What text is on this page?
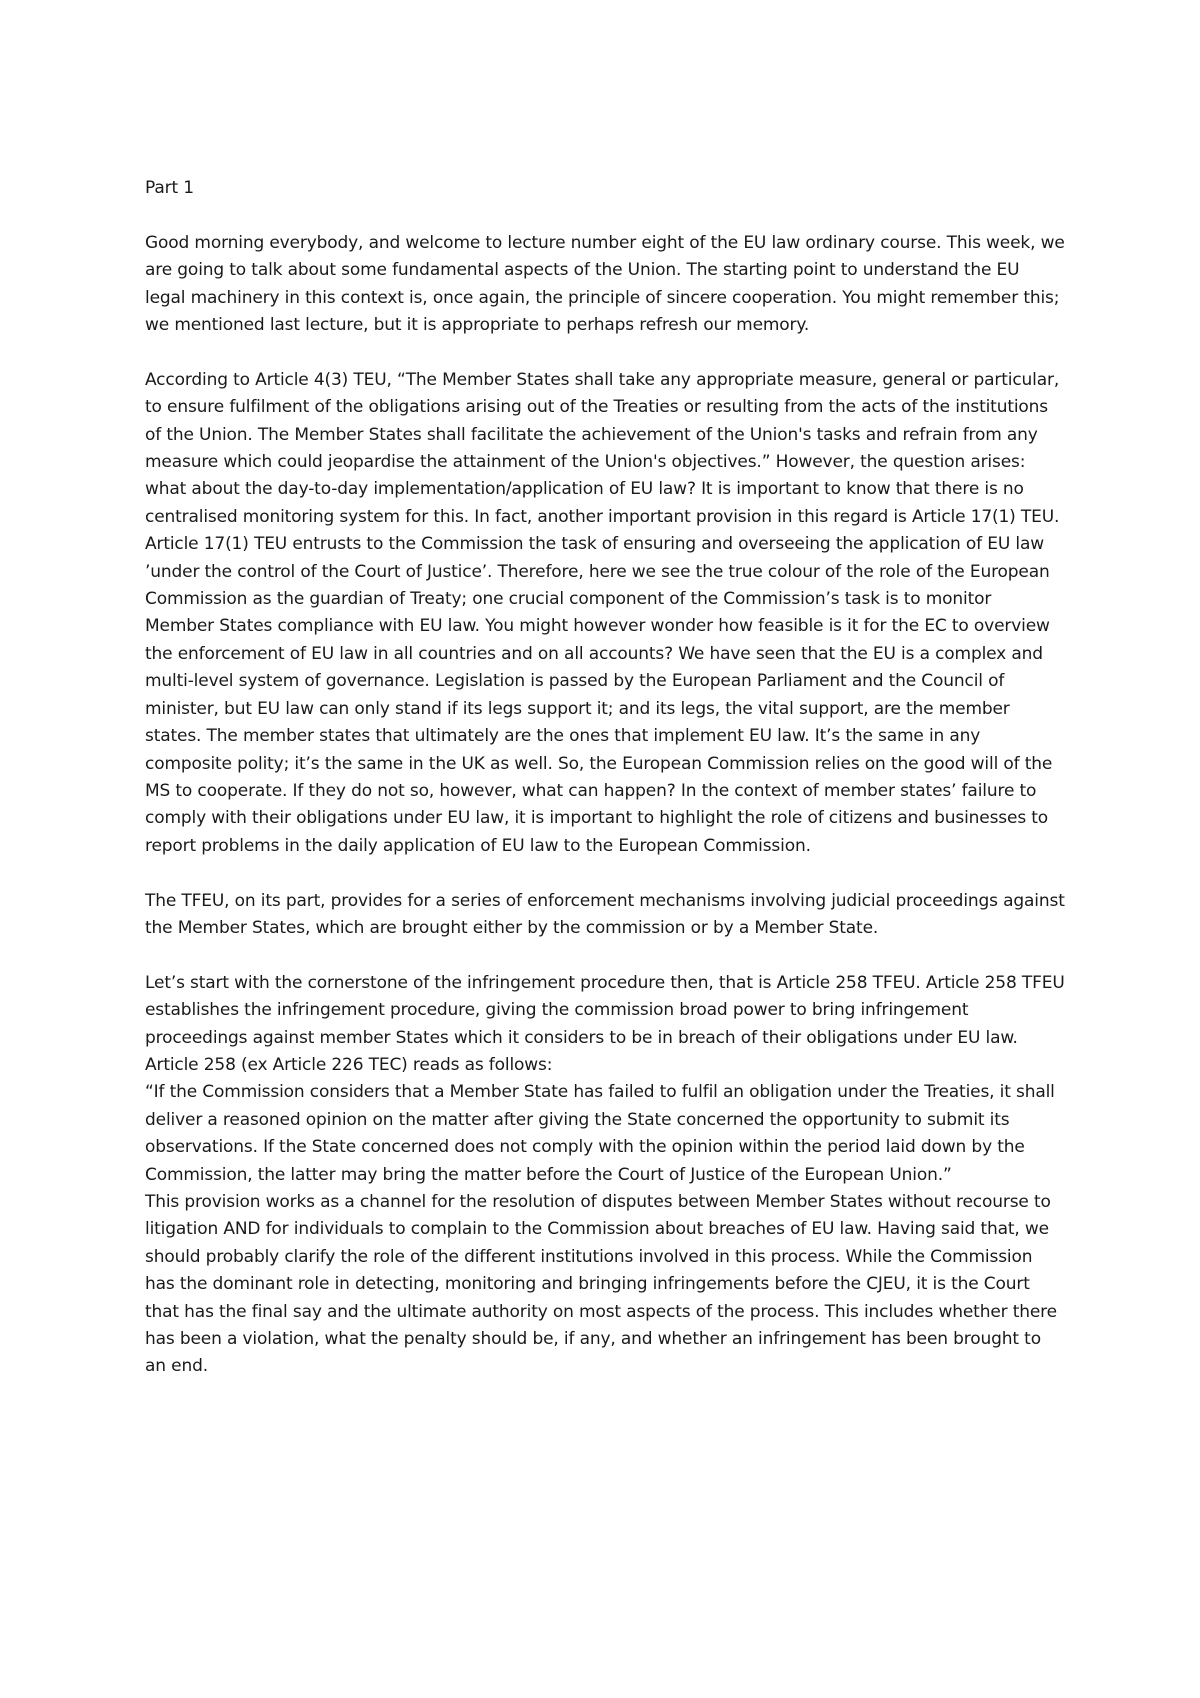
Part 1

Good morning everybody, and welcome to lecture number eight of the EU law ordinary course. This week, we are going to talk about some fundamental aspects of the Union. The starting point to understand the EU legal machinery in this context is, once again, the principle of sincere cooperation. You might remember this; we mentioned last lecture, but it is appropriate to perhaps refresh our memory.

According to Article 4(3) TEU, “The Member States shall take any appropriate measure, general or particular, to ensure fulfilment of the obligations arising out of the Treaties or resulting from the acts of the institutions of the Union. The Member States shall facilitate the achievement of the Union's tasks and refrain from any measure which could jeopardise the attainment of the Union's objectives.” However, the question arises: what about the day-to-day implementation/application of EU law? It is important to know that there is no centralised monitoring system for this. In fact, another important provision in this regard is Article 17(1) TEU. Article 17(1) TEU entrusts to the Commission the task of ensuring and overseeing the application of EU law ’under the control of the Court of Justice’. Therefore, here we see the true colour of the role of the European Commission as the guardian of Treaty; one crucial component of the Commission’s task is to monitor Member States compliance with EU law. You might however wonder how feasible is it for the EC to overview the enforcement of EU law in all countries and on all accounts? We have seen that the EU is a complex and multi-level system of governance. Legislation is passed by the European Parliament and the Council of minister, but EU law can only stand if its legs support it; and its legs, the vital support, are the member states. The member states that ultimately are the ones that implement EU law. It’s the same in any composite polity; it’s the same in the UK as well. So, the European Commission relies on the good will of the MS to cooperate. If they do not so, however, what can happen? In the context of member states’ failure to comply with their obligations under EU law, it is important to highlight the role of citizens and businesses to report problems in the daily application of EU law to the European Commission.

The TFEU, on its part, provides for a series of enforcement mechanisms involving judicial proceedings against the Member States, which are brought either by the commission or by a Member State.

Let’s start with the cornerstone of the infringement procedure then, that is Article 258 TFEU. Article 258 TFEU establishes the infringement procedure, giving the commission broad power to bring infringement proceedings against member States which it considers to be in breach of their obligations under EU law. Article 258 (ex Article 226 TEC) reads as follows:

“If the Commission considers that a Member State has failed to fulfil an obligation under the Treaties, it shall deliver a reasoned opinion on the matter after giving the State concerned the opportunity to submit its observations. If the State concerned does not comply with the opinion within the period laid down by the Commission, the latter may bring the matter before the Court of Justice of the European Union.”

This provision works as a channel for the resolution of disputes between Member States without recourse to litigation AND for individuals to complain to the Commission about breaches of EU law. Having said that, we should probably clarify the role of the different institutions involved in this process. While the Commission has the dominant role in detecting, monitoring and bringing infringements before the CJEU, it is the Court that has the final say and the ultimate authority on most aspects of the process. This includes whether there has been a violation, what the penalty should be, if any, and whether an infringement has been brought to an end.
